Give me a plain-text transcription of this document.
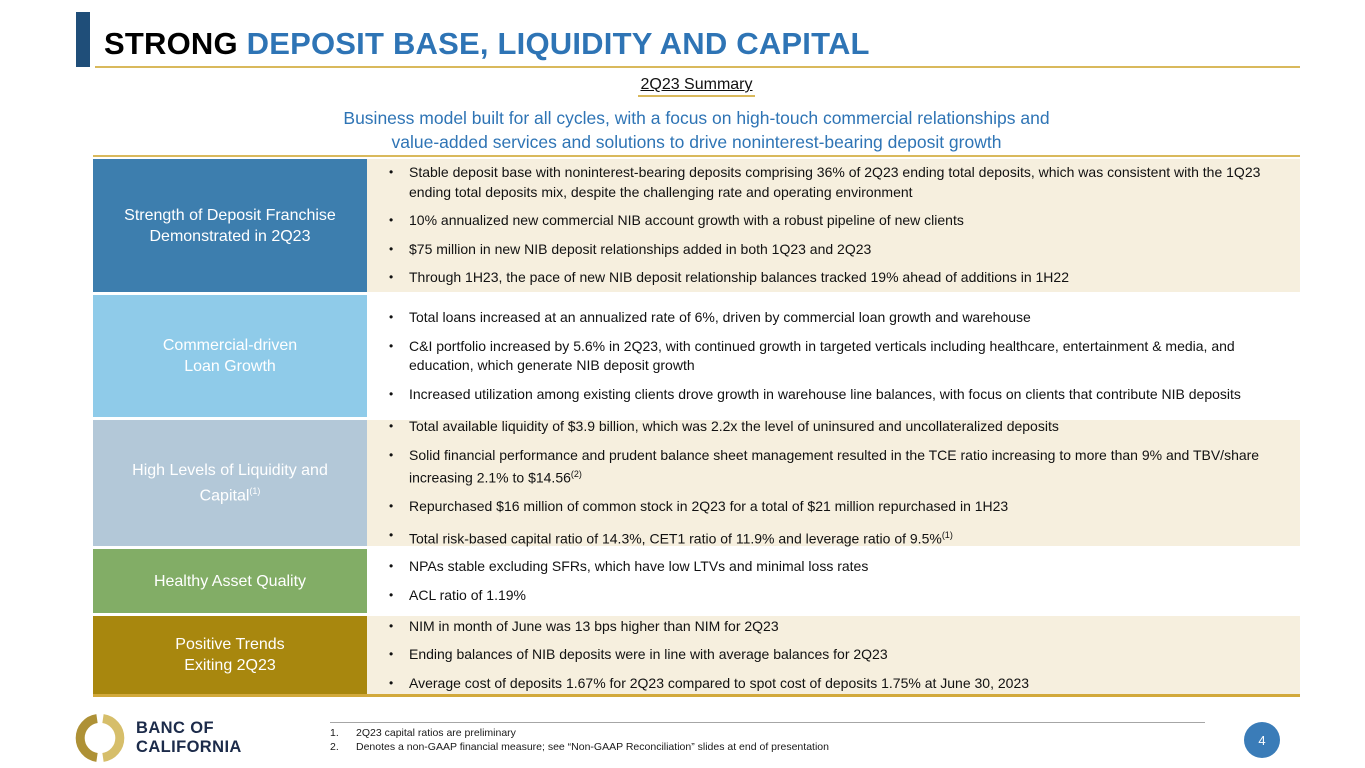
STRONG DEPOSIT BASE, LIQUIDITY AND CAPITAL
2Q23 Summary
Business model built for all cycles, with a focus on high-touch commercial relationships and
value-added services and solutions to drive noninterest-bearing deposit growth
Strength of Deposit Franchise
Demonstrated in 2Q23
•	Stable deposit base with noninterest-bearing deposits comprising 36% of 2Q23 ending total deposits, which was consistent with the 1Q23 ending total deposits mix, despite the challenging rate and operating environment
•	10% annualized new commercial NIB account growth with a robust pipeline of new clients
•	$75 million in new NIB deposit relationships added in both 1Q23 and 2Q23
•	Through 1H23, the pace of new NIB deposit relationship balances tracked 19% ahead of additions in 1H22
Commercial-driven
Loan Growth
•	Total loans increased at an annualized rate of 6%, driven by commercial loan growth and warehouse
•	C&I portfolio increased by 5.6% in 2Q23, with continued growth in targeted verticals including healthcare, entertainment & media, and education, which generate NIB deposit growth
•	Increased utilization among existing clients drove growth in warehouse line balances, with focus on clients that contribute NIB deposits
High Levels of Liquidity and
Capital$^{(1)}$
•	Total available liquidity of $3.9 billion, which was 2.2x the level of uninsured and uncollateralized deposits
•	Solid financial performance and prudent balance sheet management resulted in the TCE ratio increasing to more than 9% and TBV/share increasing 2.1% to $14.56$^{(2)}$
•	Repurchased $16 million of common stock in 2Q23 for a total of $21 million repurchased in 1H23
•	Total risk-based capital ratio of 14.3%, CET1 ratio of 11.9% and leverage ratio of 9.5%$^{(1)}$
Healthy Asset Quality
•	NPAs stable excluding SFRs, which have low LTVs and minimal loss rates
•	ACL ratio of 1.19%
Positive Trends
Exiting 2Q23
•	NIM in month of June was 13 bps higher than NIM for 2Q23
•	Ending balances of NIB deposits were in line with average balances for 2Q23
•	Average cost of deposits 1.67% for 2Q23 compared to spot cost of deposits 1.75% at June 30, 2023
BANC OF
CALIFORNIA
1.	2Q23 capital ratios are preliminary
2.	Denotes a non-GAAP financial measure; see “Non-GAAP Reconciliation” slides at end of presentation	4
